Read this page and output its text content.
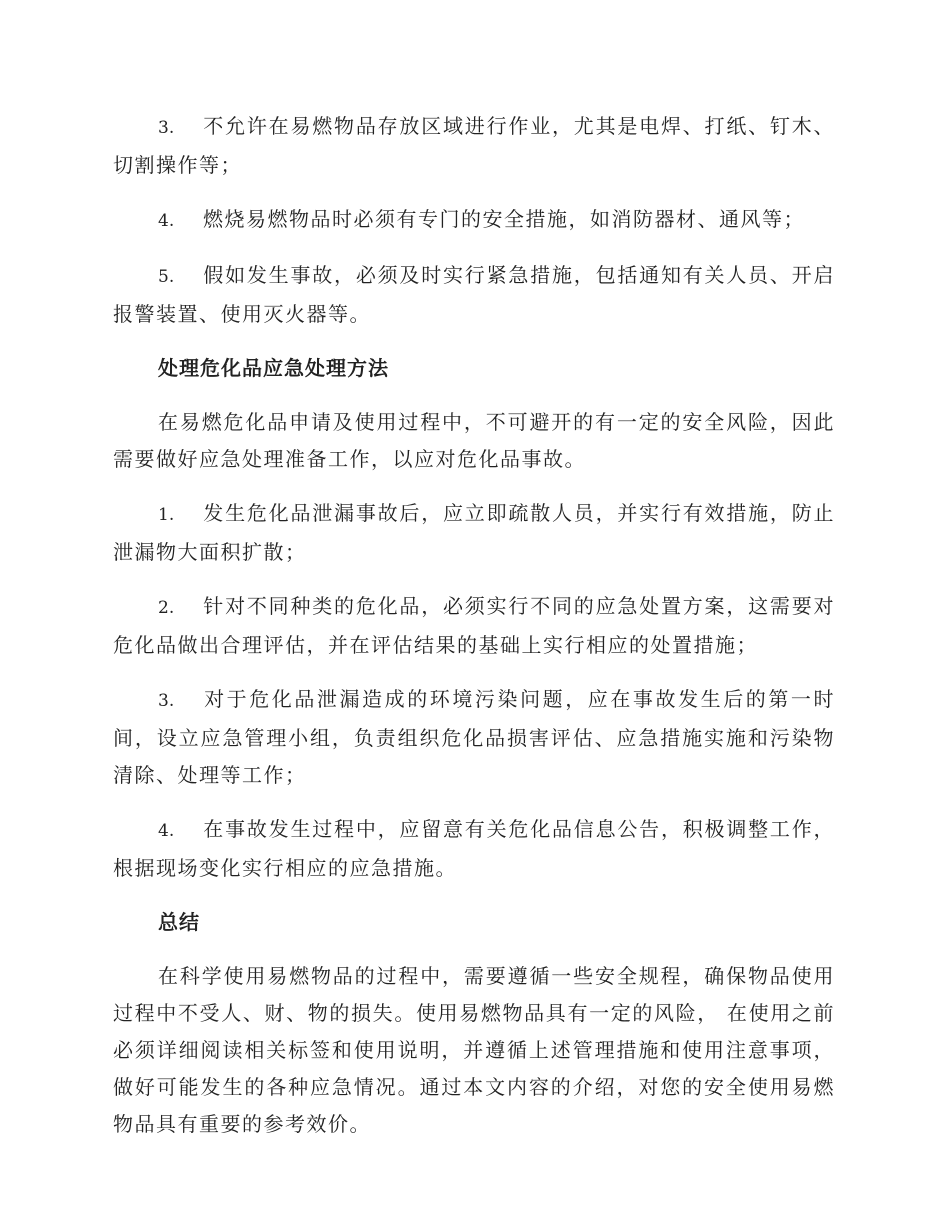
3. 不允许在易燃物品存放区域进行作业，尤其是电焊、打纸、钉木、切割操作等；

4. 燃烧易燃物品时必须有专门的安全措施，如消防器材、通风等；

5. 假如发生事故，必须及时实行紧急措施，包括通知有关人员、开启报警装置、使用灭火器等。

处理危化品应急处理方法

在易燃危化品申请及使用过程中，不可避开的有一定的安全风险，因此需要做好应急处理准备工作，以应对危化品事故。

1. 发生危化品泄漏事故后，应立即疏散人员，并实行有效措施，防止泄漏物大面积扩散；

2. 针对不同种类的危化品，必须实行不同的应急处置方案，这需要对危化品做出合理评估，并在评估结果的基础上实行相应的处置措施；

3. 对于危化品泄漏造成的环境污染问题，应在事故发生后的第一时间，设立应急管理小组，负责组织危化品损害评估、应急措施实施和污染物清除、处理等工作；

4. 在事故发生过程中，应留意有关危化品信息公告，积极调整工作，根据现场变化实行相应的应急措施。

总结

在科学使用易燃物品的过程中，需要遵循一些安全规程，确保物品使用过程中不受人、财、物的损失。使用易燃物品具有一定的风险， 在使用之前必须详细阅读相关标签和使用说明，并遵循上述管理措施和使用注意事项，做好可能发生的各种应急情况。通过本文内容的介绍，对您的安全使用易燃物品具有重要的参考效价。
